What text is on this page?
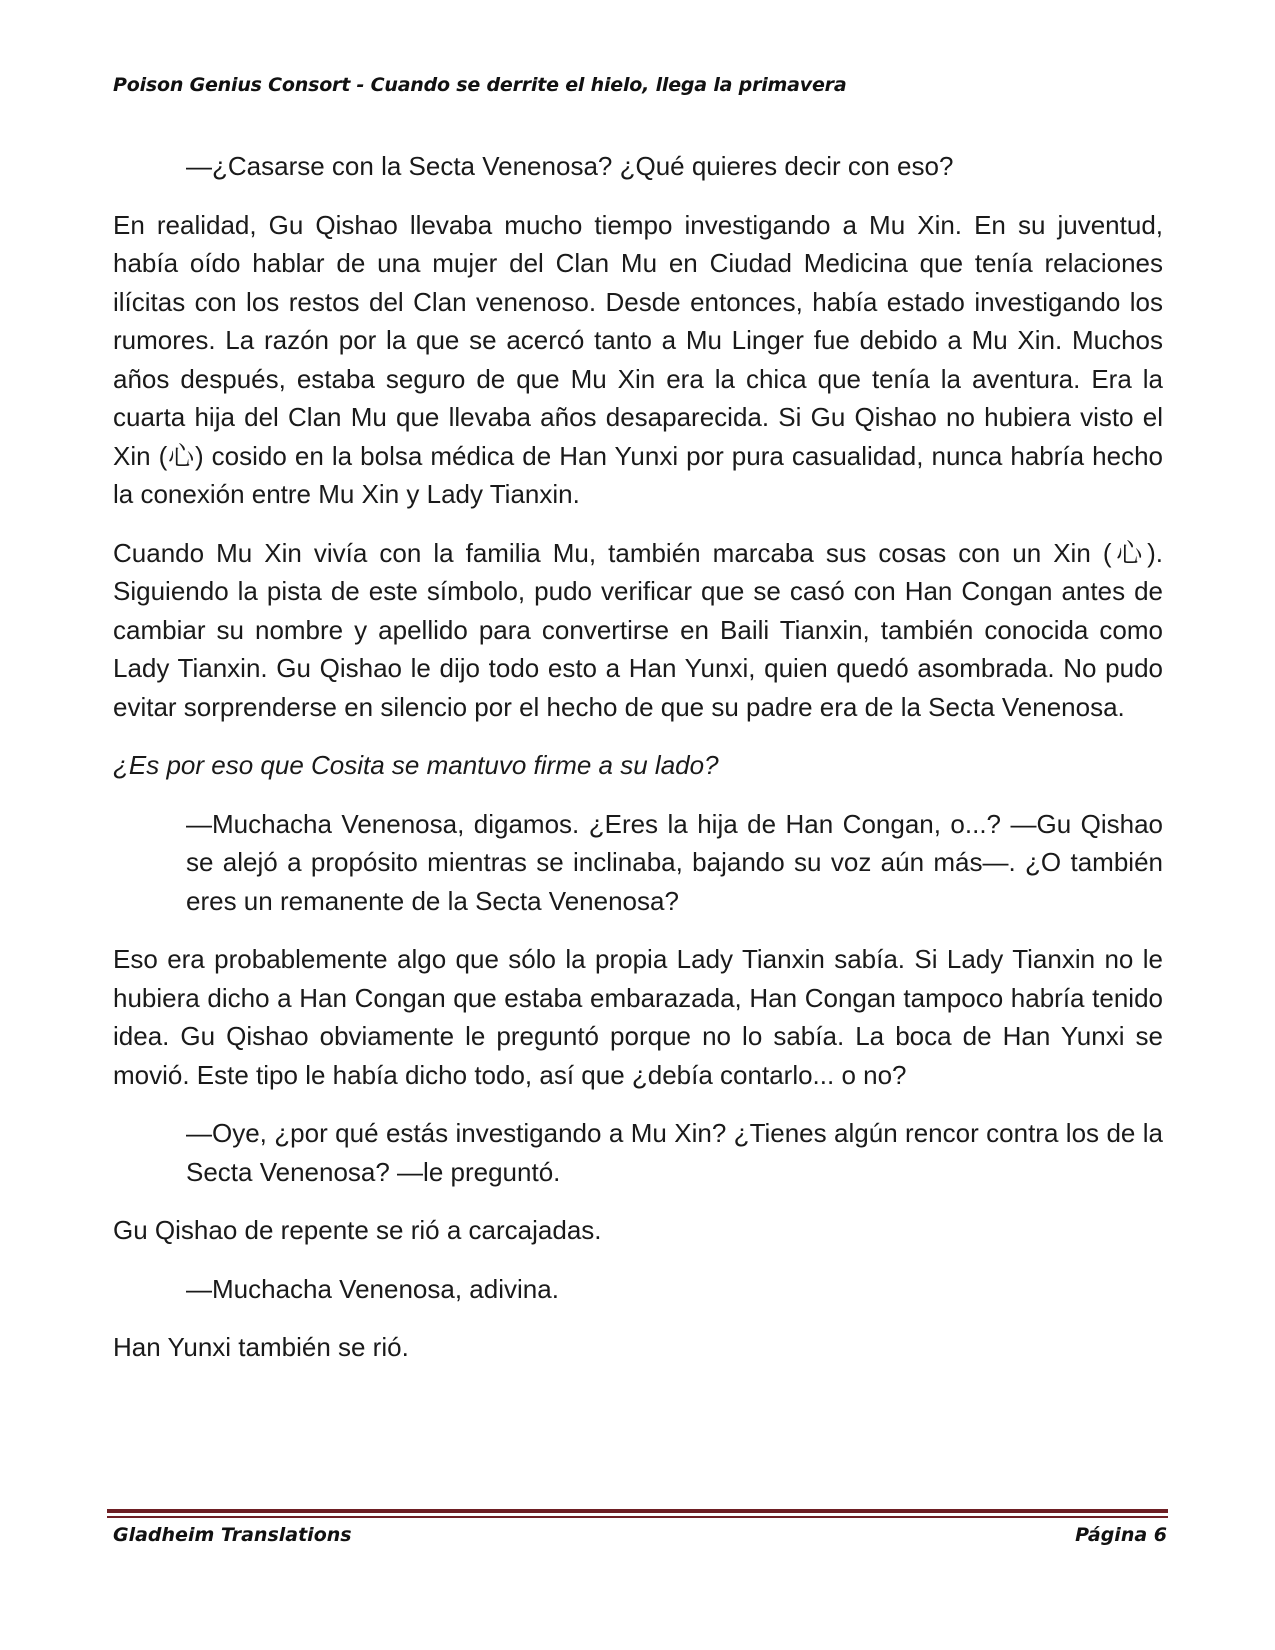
Poison Genius Consort - Cuando se derrite el hielo, llega la primavera

—¿Casarse con la Secta Venenosa? ¿Qué quieres decir con eso?

En realidad, Gu Qishao llevaba mucho tiempo investigando a Mu Xin. En su juventud, había oído hablar de una mujer del Clan Mu en Ciudad Medicina que tenía relaciones ilícitas con los restos del Clan venenoso. Desde entonces, había estado investigando los rumores. La razón por la que se acercó tanto a Mu Linger fue debido a Mu Xin. Muchos años después, estaba seguro de que Mu Xin era la chica que tenía la aventura. Era la cuarta hija del Clan Mu que llevaba años desaparecida. Si Gu Qishao no hubiera visto el Xin (心) cosido en la bolsa médica de Han Yunxi por pura casualidad, nunca habría hecho la conexión entre Mu Xin y Lady Tianxin.

Cuando Mu Xin vivía con la familia Mu, también marcaba sus cosas con un Xin (心). Siguiendo la pista de este símbolo, pudo verificar que se casó con Han Congan antes de cambiar su nombre y apellido para convertirse en Baili Tianxin, también conocida como Lady Tianxin. Gu Qishao le dijo todo esto a Han Yunxi, quien quedó asombrada. No pudo evitar sorprenderse en silencio por el hecho de que su padre era de la Secta Venenosa.

¿Es por eso que Cosita se mantuvo firme a su lado?

—Muchacha Venenosa, digamos. ¿Eres la hija de Han Congan, o...? —Gu Qishao se alejó a propósito mientras se inclinaba, bajando su voz aún más—. ¿O también eres un remanente de la Secta Venenosa?

Eso era probablemente algo que sólo la propia Lady Tianxin sabía. Si Lady Tianxin no le hubiera dicho a Han Congan que estaba embarazada, Han Congan tampoco habría tenido idea. Gu Qishao obviamente le preguntó porque no lo sabía. La boca de Han Yunxi se movió. Este tipo le había dicho todo, así que ¿debía contarlo... o no?

—Oye, ¿por qué estás investigando a Mu Xin? ¿Tienes algún rencor contra los de la Secta Venenosa? —le preguntó.

Gu Qishao de repente se rió a carcajadas.

—Muchacha Venenosa, adivina.

Han Yunxi también se rió.

Gladheim Translations	Página 6
